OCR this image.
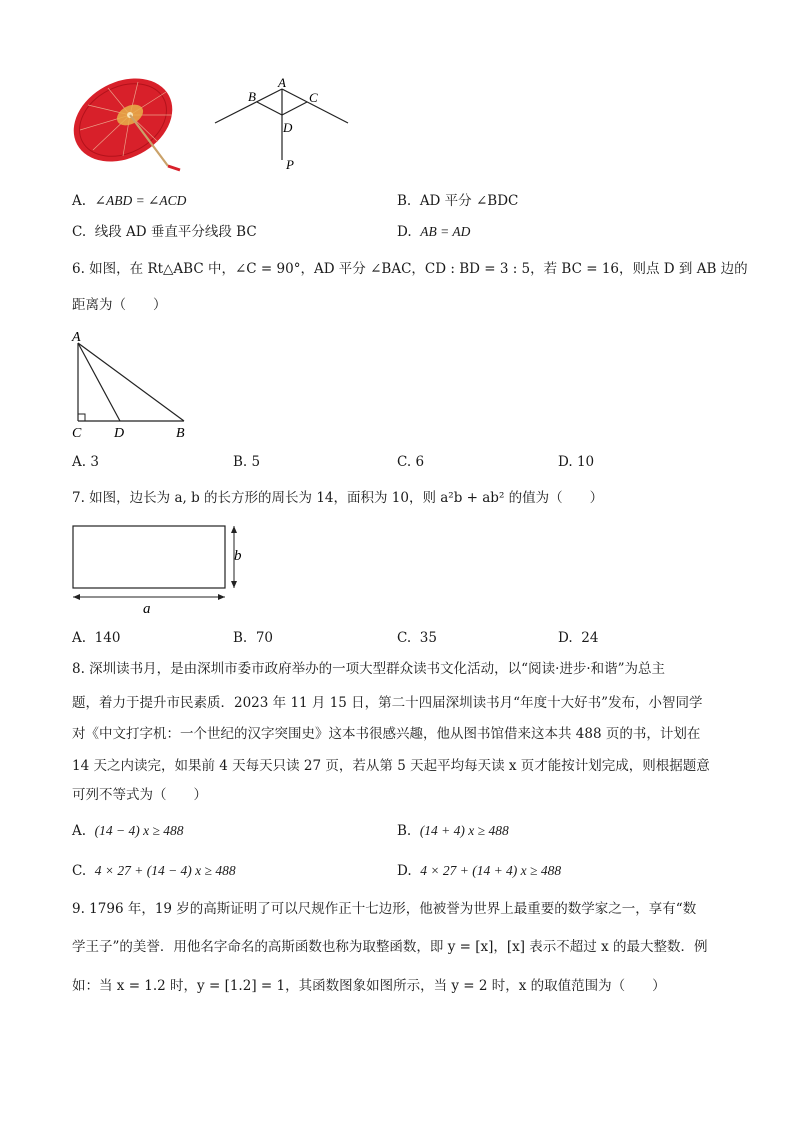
A
B	C
D
P
A. ∠ABD = ∠ACD	B. AD 平分 ∠BDC
C. 线段 AD 垂直平分线段 BC	D. AB = AD
6. 如图，在 Rt△ABC 中，∠C = 90°，AD 平分 ∠BAC，CD : BD = 3 : 5，若 BC = 16，则点 D 到 AB 边的
距离为（　　）
A
C D	B
A. 3	B. 5	C. 6	D. 10
7. 如图，边长为 a, b 的长方形的周长为 14，面积为 10，则 a²b + ab² 的值为（　　）
b
a
A. 140	B. 70	C. 35	D. 24
8. 深圳读书月，是由深圳市委市政府举办的一项大型群众读书文化活动，以“阅读·进步·和谐”为总主
题，着力于提升市民素质．2023 年 11 月 15 日，第二十四届深圳读书月“年度十大好书”发布，小智同学
对《中文打字机：一个世纪的汉字突围史》这本书很感兴趣，他从图书馆借来这本共 488 页的书，计划在
14 天之内读完，如果前 4 天每天只读 27 页，若从第 5 天起平均每天读 x 页才能按计划完成，则根据题意
可列不等式为（　　）
A. (14 − 4) x ≥ 488	B. (14 + 4) x ≥ 488
C. 4 × 27 + (14 − 4) x ≥ 488	D. 4 × 27 + (14 + 4) x ≥ 488
9. 1796 年，19 岁的高斯证明了可以尺规作正十七边形，他被誉为世界上最重要的数学家之一，享有“数
学王子”的美誉．用他名字命名的高斯函数也称为取整函数，即 y = [x]，[x] 表示不超过 x 的最大整数．例
如：当 x = 1.2 时，y = [1.2] = 1，其函数图象如图所示，当 y = 2 时，x 的取值范围为（　　）
